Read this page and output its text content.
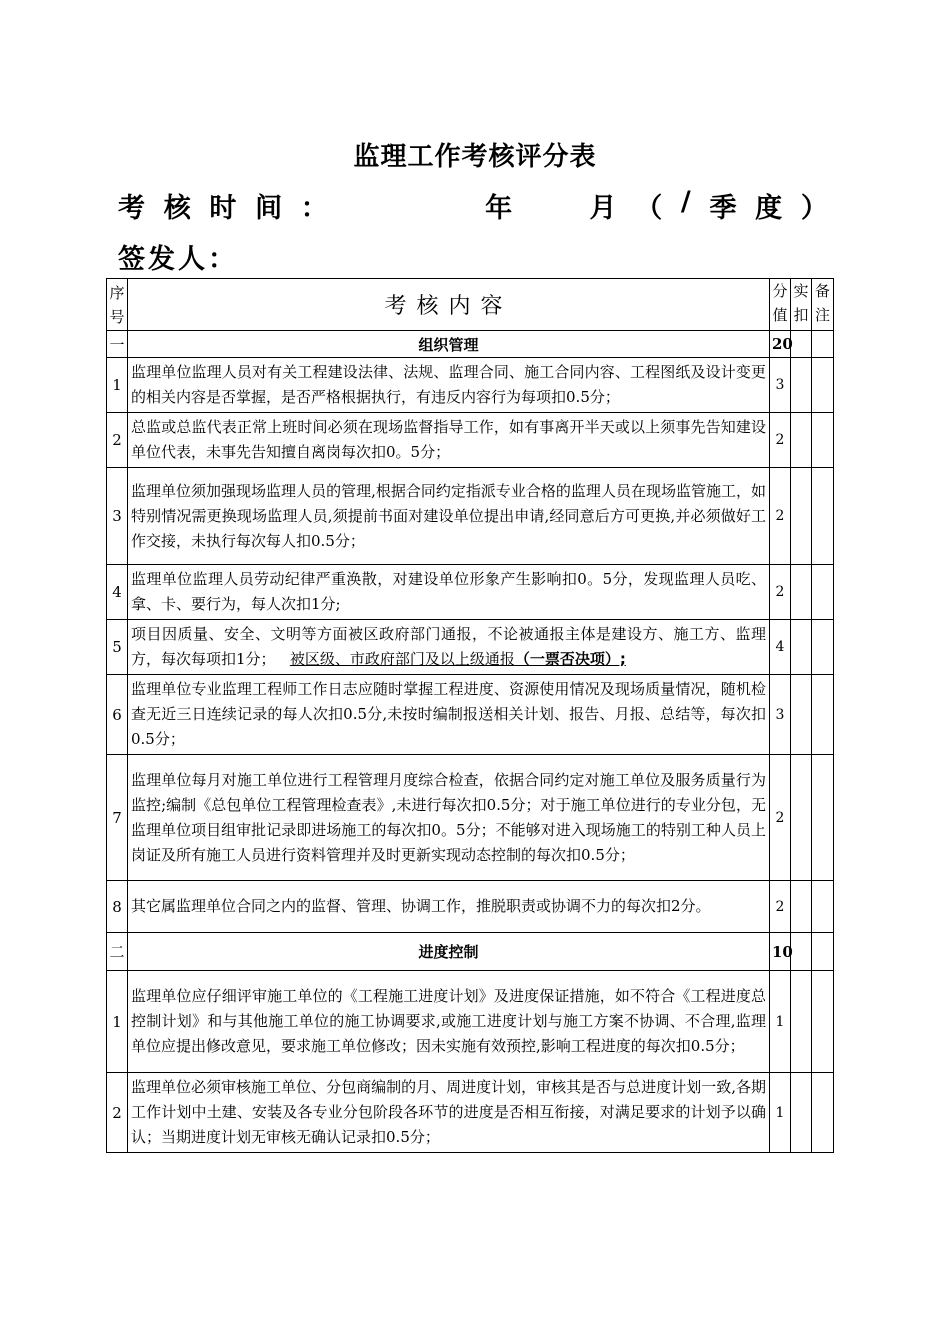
监理工作考核评分表
考 核 时 间 ：	年	月 （ / 季 度 ）
签发人：
序号	考核内容	分值	实扣	备注
一	组织管理	20		
1	监理单位监理人员对有关工程建设法律、法规、监理合同、施工合同内容、工程图纸及设计变更的相关内容是否掌握，是否严格根据执行，有违反内容行为每项扣0.5分；	3		
2	总监或总监代表正常上班时间必须在现场监督指导工作，如有事离开半天或以上须事先告知建设单位代表，未事先告知擅自离岗每次扣0。5分；	2		
3	监理单位须加强现场监理人员的管理,根据合同约定指派专业合格的监理人员在现场监管施工，如特别情况需更换现场监理人员,须提前书面对建设单位提出申请,经同意后方可更换,并必须做好工作交接，未执行每次每人扣0.5分；	2		
4	监理单位监理人员劳动纪律严重涣散，对建设单位形象产生影响扣0。5分，发现监理人员吃、拿、卡、要行为，每人次扣1分;	2		
5	项目因质量、安全、文明等方面被区政府部门通报，不论被通报主体是建设方、施工方、监理方，每次每项扣1分； 被区级、市政府部门及以上级通报（一票否决项）;	4		
6	监理单位专业监理工程师工作日志应随时掌握工程进度、资源使用情况及现场质量情况，随机检查无近三日连续记录的每人次扣0.5分,未按时编制报送相关计划、报告、月报、总结等，每次扣0.5分；	3		
7	监理单位每月对施工单位进行工程管理月度综合检查，依据合同约定对施工单位及服务质量行为监控;编制《总包单位工程管理检查表》,未进行每次扣0.5分；对于施工单位进行的专业分包，无监理单位项目组审批记录即进场施工的每次扣0。5分；不能够对进入现场施工的特别工种人员上岗证及所有施工人员进行资料管理并及时更新实现动态控制的每次扣0.5分；	2		
8	其它属监理单位合同之内的监督、管理、协调工作，推脱职责或协调不力的每次扣2分。	2		
二	进度控制	10		
1	监理单位应仔细评审施工单位的《工程施工进度计划》及进度保证措施，如不符合《工程进度总控制计划》和与其他施工单位的施工协调要求,或施工进度计划与施工方案不协调、不合理,监理单位应提出修改意见，要求施工单位修改；因未实施有效预控,影响工程进度的每次扣0.5分；	1		
2	监理单位必须审核施工单位、分包商编制的月、周进度计划，审核其是否与总进度计划一致,各期工作计划中土建、安装及各专业分包阶段各环节的进度是否相互衔接，对满足要求的计划予以确认；当期进度计划无审核无确认记录扣0.5分；	1		
